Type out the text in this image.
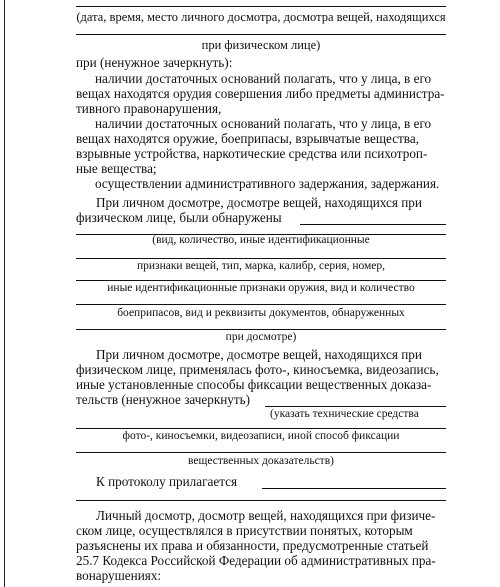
(дата, время, место личного досмотра, досмотра вещей, находящихся
при физическом лице)
при (ненужное зачеркнуть):
наличии достаточных оснований полагать, что у лица, в его
вещах находятся орудия совершения либо предметы администра-
тивного правонарушения,
наличии достаточных оснований полагать, что у лица, в его
вещах находятся оружие, боеприпасы, взрывчатые вещества,
взрывные устройства, наркотические средства или психотроп-
ные вещества;
осуществлении административного задержания, задержания.
При личном досмотре, досмотре вещей, находящихся при
физическом лице, были обнаружены
(вид, количество, иные идентификационные
признаки вещей, тип, марка, калибр, серия, номер,
иные идентификационные признаки оружия, вид и количество
боеприпасов, вид и реквизиты документов, обнаруженных
при досмотре)
При личном досмотре, досмотре вещей, находящихся при
физическом лице, применялась фото-, киносъемка, видеозапись,
иные установленные способы фиксации вещественных доказа-
тельств (ненужное зачеркнуть)
(указать технические средства
фото-, киносъемки, видеозаписи, иной способ фиксации
вещественных доказательств)
К протоколу прилагается
Личный досмотр, досмотр вещей, находящихся при физиче-
ском лице, осуществлялся в присутствии понятых, которым
разъяснены их права и обязанности, предусмотренные статьей
25.7 Кодекса Российской Федерации об административных пра-
вонарушениях:
